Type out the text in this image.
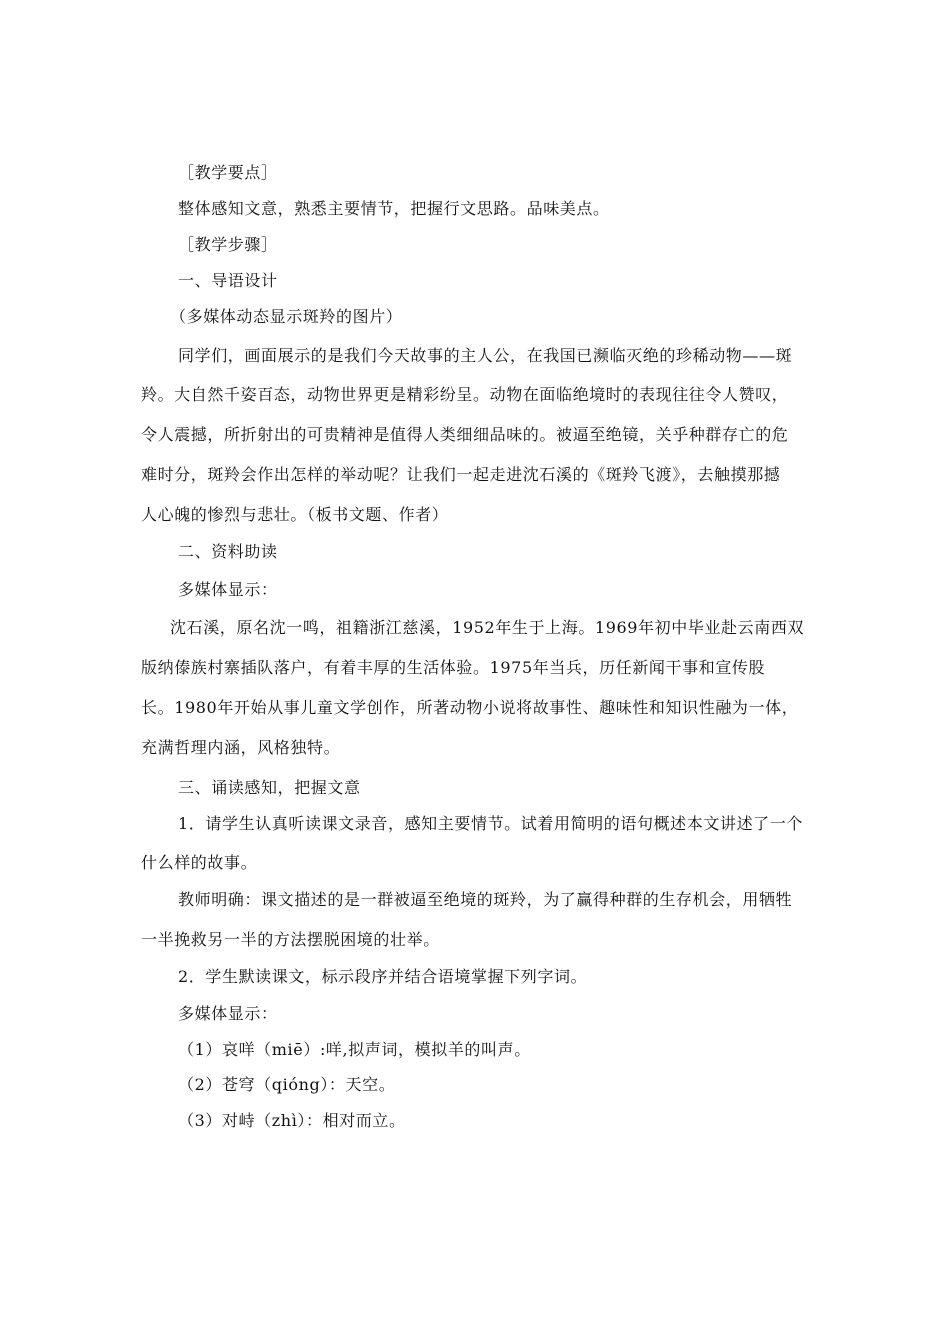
［教学要点］
整体感知文意，熟悉主要情节，把握行文思路。品味美点。
［教学步骤］
一、导语设计
（多媒体动态显示斑羚的图片）
同学们，画面展示的是我们今天故事的主人公，在我国已濒临灭绝的珍稀动物——斑
羚。大自然千姿百态，动物世界更是精彩纷呈。动物在面临绝境时的表现往往令人赞叹，
令人震撼，所折射出的可贵精神是值得人类细细品味的。被逼至绝镜，关乎种群存亡的危
难时分，斑羚会作出怎样的举动呢？让我们一起走进沈石溪的《斑羚飞渡》，去触摸那撼
人心魄的惨烈与悲壮。（板书文题、作者）
二、资料助读
多媒体显示：
沈石溪，原名沈一鸣，祖籍浙江慈溪，1952年生于上海。1969年初中毕业赴云南西双
版纳傣族村寨插队落户，有着丰厚的生活体验。1975年当兵，历任新闻干事和宣传股
长。1980年开始从事儿童文学创作，所著动物小说将故事性、趣味性和知识性融为一体，
充满哲理内涵，风格独特。
三、诵读感知，把握文意
1．请学生认真听读课文录音，感知主要情节。试着用简明的语句概述本文讲述了一个
什么样的故事。
教师明确：课文描述的是一群被逼至绝境的斑羚，为了赢得种群的生存机会，用牺牲
一半挽救另一半的方法摆脱困境的壮举。
2．学生默读课文，标示段序并结合语境掌握下列字词。
多媒体显示：
（1）哀咩（miē）:咩,拟声词，模拟羊的叫声。
（2）苍穹（qióng）：天空。
（3）对峙（zhì）：相对而立。
